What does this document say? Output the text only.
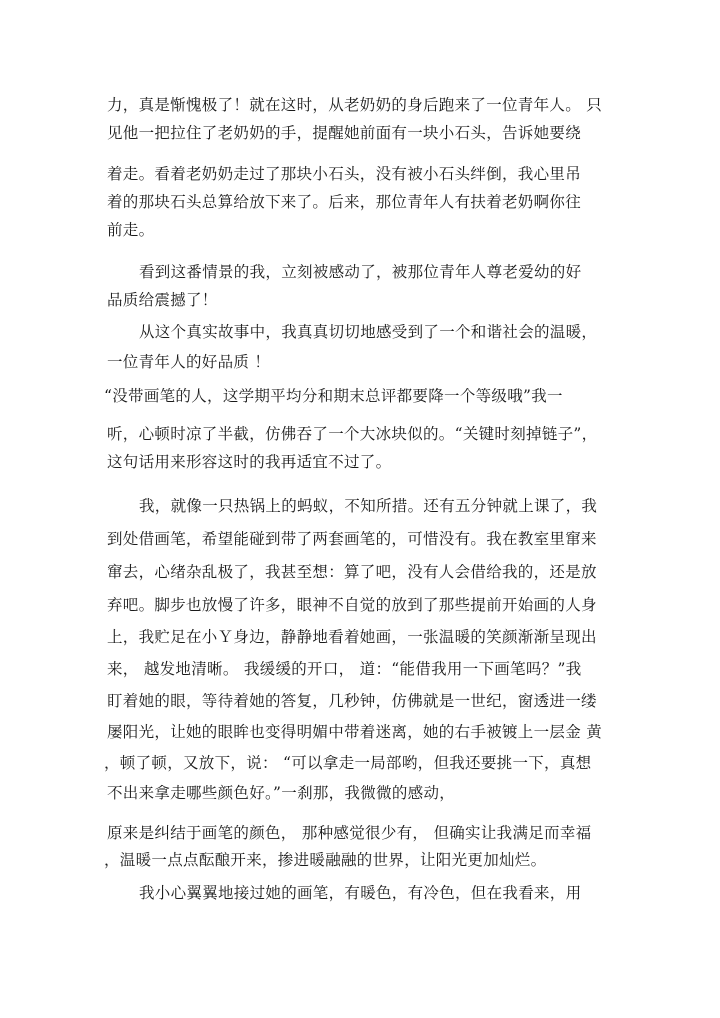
力，真是惭愧极了！就在这时，从老奶奶的身后跑来了一位青年人。 只
见他一把拉住了老奶奶的手，提醒她前面有一块小石头，告诉她要绕
着走。看着老奶奶走过了那块小石头，没有被小石头绊倒，我心里吊
着的那块石头总算给放下来了。后来，那位青年人有扶着老奶啊你往
前走。
看到这番情景的我，立刻被感动了，被那位青年人尊老爱幼的好
品质给震撼了！
从这个真实故事中，我真真切切地感受到了一个和谐社会的温暖，
一位青年人的好品质 ！
“没带画笔的人，这学期平均分和期末总评都要降一个等级哦”我一
听，心顿时凉了半截，仿佛吞了一个大冰块似的。“关键时刻掉链子”，
这句话用来形容这时的我再适宜不过了。
我，就像一只热锅上的蚂蚁，不知所措。还有五分钟就上课了，我
到处借画笔，希望能碰到带了两套画笔的，可惜没有。我在教室里窜来
窜去，心绪杂乱极了，我甚至想：算了吧，没有人会借给我的，还是放
弃吧。脚步也放慢了许多，眼神不自觉的放到了那些提前开始画的人身
上，我贮足在小Ｙ身边，静静地看着她画，一张温暖的笑颜渐渐呈现出
来， 越发地清晰。 我缓缓的开口， 道：“能借我用一下画笔吗？”我
盯着她的眼，等待着她的答复，几秒钟，仿佛就是一世纪，窗透进一缕
屡阳光，让她的眼眸也变得明媚中带着迷离，她的右手被镀上一层金 黄
，顿了顿，又放下，说： “可以拿走一局部哟，但我还要挑一下，真想
不出来拿走哪些颜色好。”一刹那，我微微的感动，
原来是纠结于画笔的颜色， 那种感觉很少有， 但确实让我满足而幸福
，温暖一点点酝酿开来，掺进暖融融的世界，让阳光更加灿烂。
我小心翼翼地接过她的画笔，有暖色，有冷色，但在我看来，用
